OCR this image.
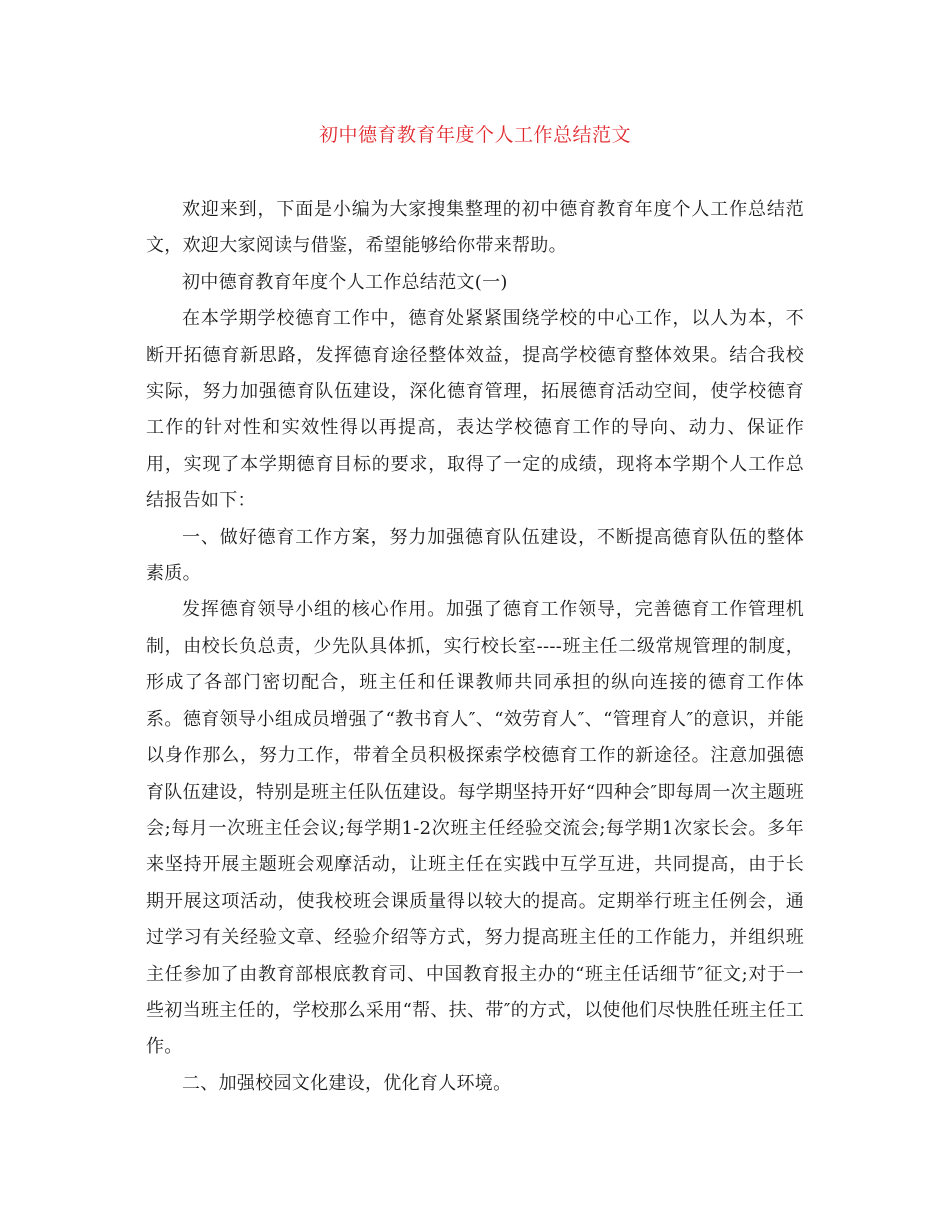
初中德育教育年度个人工作总结范文

欢迎来到，下面是小编为大家搜集整理的初中德育教育年度个人工作总结范文，欢迎大家阅读与借鉴，希望能够给你带来帮助。

初中德育教育年度个人工作总结范文(一)

在本学期学校德育工作中，德育处紧紧围绕学校的中心工作，以人为本，不断开拓德育新思路，发挥德育途径整体效益，提高学校德育整体效果。结合我校实际，努力加强德育队伍建设，深化德育管理，拓展德育活动空间，使学校德育工作的针对性和实效性得以再提高，表达学校德育工作的导向、动力、保证作用，实现了本学期德育目标的要求，取得了一定的成绩，现将本学期个人工作总结报告如下：

一、做好德育工作方案，努力加强德育队伍建设，不断提高德育队伍的整体素质。

发挥德育领导小组的核心作用。加强了德育工作领导，完善德育工作管理机制，由校长负总责，少先队具体抓，实行校长室----班主任二级常规管理的制度，形成了各部门密切配合，班主任和任课教师共同承担的纵向连接的德育工作体系。德育领导小组成员增强了“教书育人″、“效劳育人″、“管理育人″的意识，并能以身作那么，努力工作，带着全员积极探索学校德育工作的新途径。注意加强德育队伍建设，特别是班主任队伍建设。每学期坚持开好“四种会″即每周一次主题班会;每月一次班主任会议;每学期1-2次班主任经验交流会;每学期1次家长会。多年来坚持开展主题班会观摩活动，让班主任在实践中互学互进，共同提高，由于长期开展这项活动，使我校班会课质量得以较大的提高。定期举行班主任例会，通过学习有关经验文章、经验介绍等方式，努力提高班主任的工作能力，并组织班主任参加了由教育部根底教育司、中国教育报主办的“班主任话细节″征文;对于一些初当班主任的，学校那么采用“帮、扶、带″的方式，以使他们尽快胜任班主任工作。

二、加强校园文化建设，优化育人环境。
